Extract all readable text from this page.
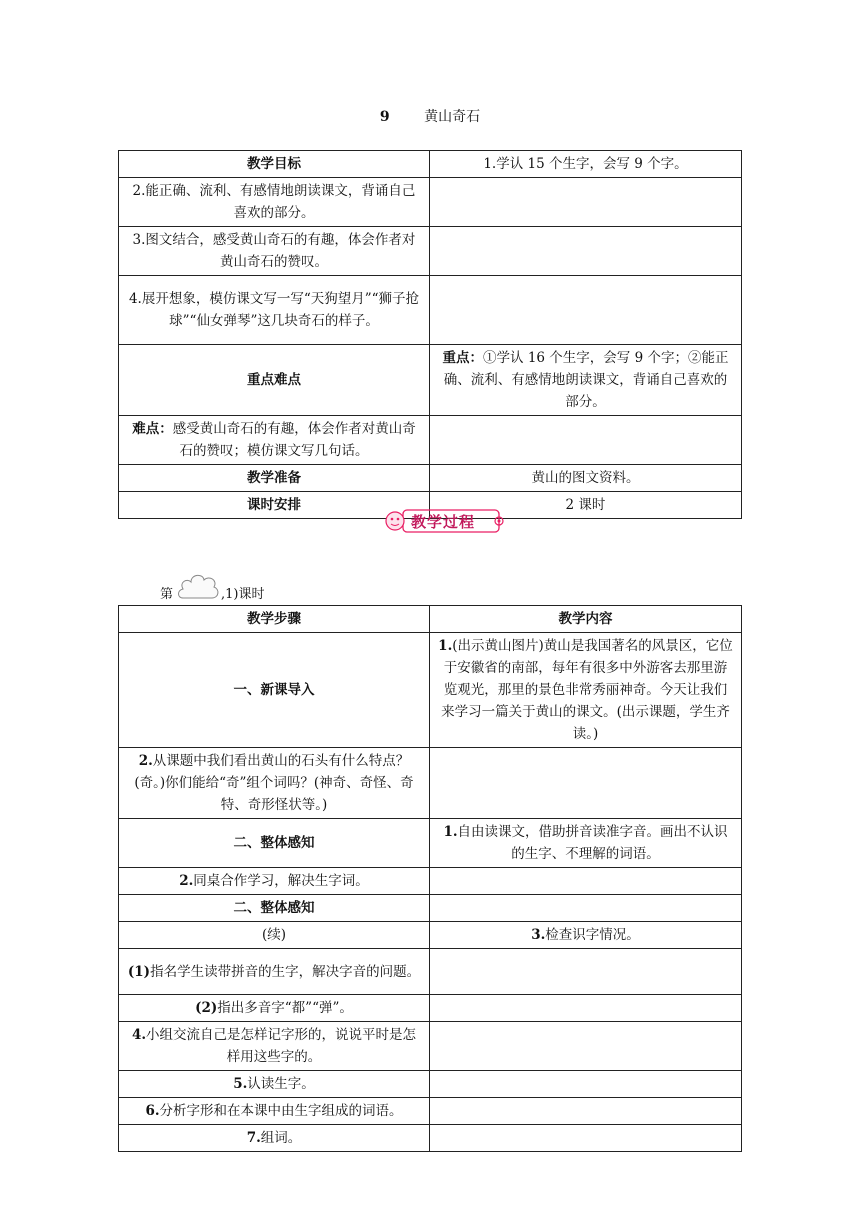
9 黄山奇石
教学目标	1.学认 15 个生字，会写 9 个字。
2.能正确、流利、有感情地朗读课文，背诵自己喜欢的部分。	
3.图文结合，感受黄山奇石的有趣，体会作者对黄山奇石的赞叹。	
4.展开想象，模仿课文写一写“天狗望月”“狮子抢球”“仙女弹琴”这几块奇石的样子。	
重点难点	重点：①学认 16 个生字，会写 9 个字；②能正确、流利、有感情地朗读课文，背诵自己喜欢的部分。
难点：感受黄山奇石的有趣，体会作者对黄山奇石的赞叹；模仿课文写几句话。	
教学准备	黄山的图文资料。
课时安排	2 课时
教学过程
第	,1)课时
教学步骤	教学内容
一、新课导入	1.(出示黄山图片)黄山是我国著名的风景区，它位于安徽省的南部，每年有很多中外游客去那里游览观光，那里的景色非常秀丽神奇。今天让我们来学习一篇关于黄山的课文。(出示课题，学生齐读。)
2.从课题中我们看出黄山的石头有什么特点？(奇。)你们能给“奇”组个词吗？(神奇、奇怪、奇特、奇形怪状等。)	
二、整体感知	1.自由读课文，借助拼音读准字音。画出不认识的生字、不理解的词语。
2.同桌合作学习，解决生字词。	
二、整体感知	
(续)	3.检查识字情况。
(1)指名学生读带拼音的生字，解决字音的问题。	
(2)指出多音字“都”“弹”。	
4.小组交流自己是怎样记字形的，说说平时是怎样用这些字的。	
5.认读生字。	
6.分析字形和在本课中由生字组成的词语。	
7.组词。	
